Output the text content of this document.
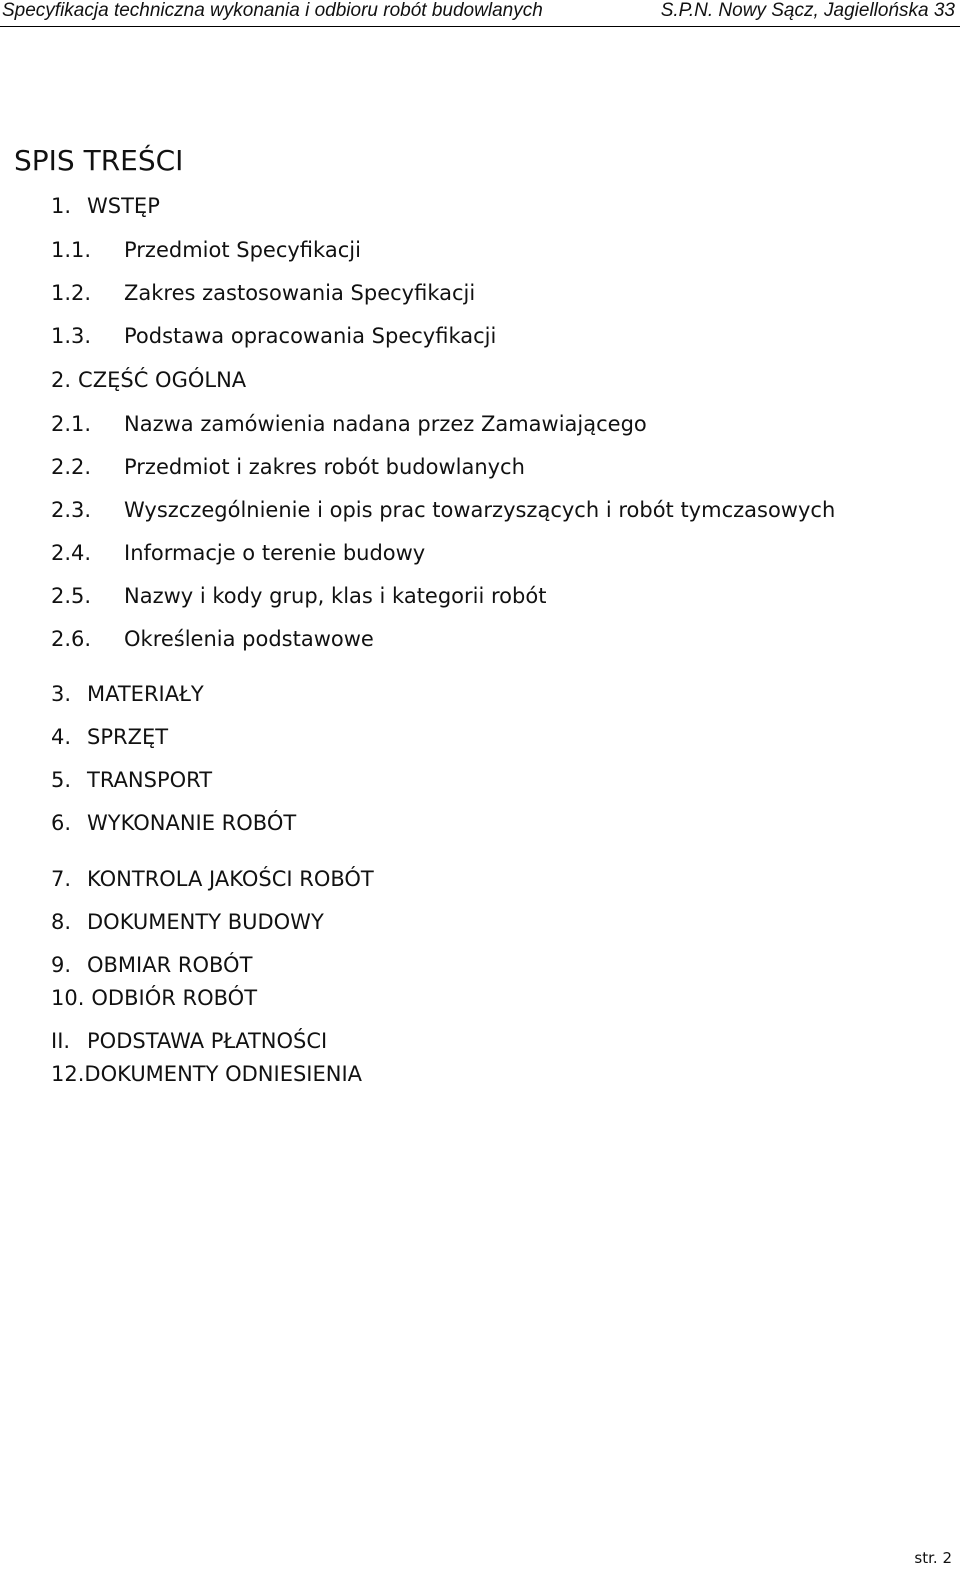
Specyfikacja techniczna wykonania i odbioru robót budowlanych	S.P.N. Nowy Sącz, Jagiellońska 33
SPIS TREŚCI
1. WSTĘP
1.1. Przedmiot Specyfikacji
1.2. Zakres zastosowania Specyfikacji
1.3. Podstawa opracowania Specyfikacji
2. CZĘŚĆ OGÓLNA
2.1. Nazwa zamówienia nadana przez Zamawiającego
2.2. Przedmiot i zakres robót budowlanych
2.3. Wyszczególnienie i opis prac towarzyszących i robót tymczasowych
2.4. Informacje o terenie budowy
2.5. Nazwy i kody grup, klas i kategorii robót
2.6. Określenia podstawowe
3. MATERIAŁY
4. SPRZĘT
5. TRANSPORT
6. WYKONANIE ROBÓT
7. KONTROLA JAKOŚCI ROBÓT
8. DOKUMENTY BUDOWY
9. OBMIAR ROBÓT
10. ODBIÓR ROBÓT
II. PODSTAWA PŁATNOŚCI
12.DOKUMENTY ODNIESIENIA
str. 2
